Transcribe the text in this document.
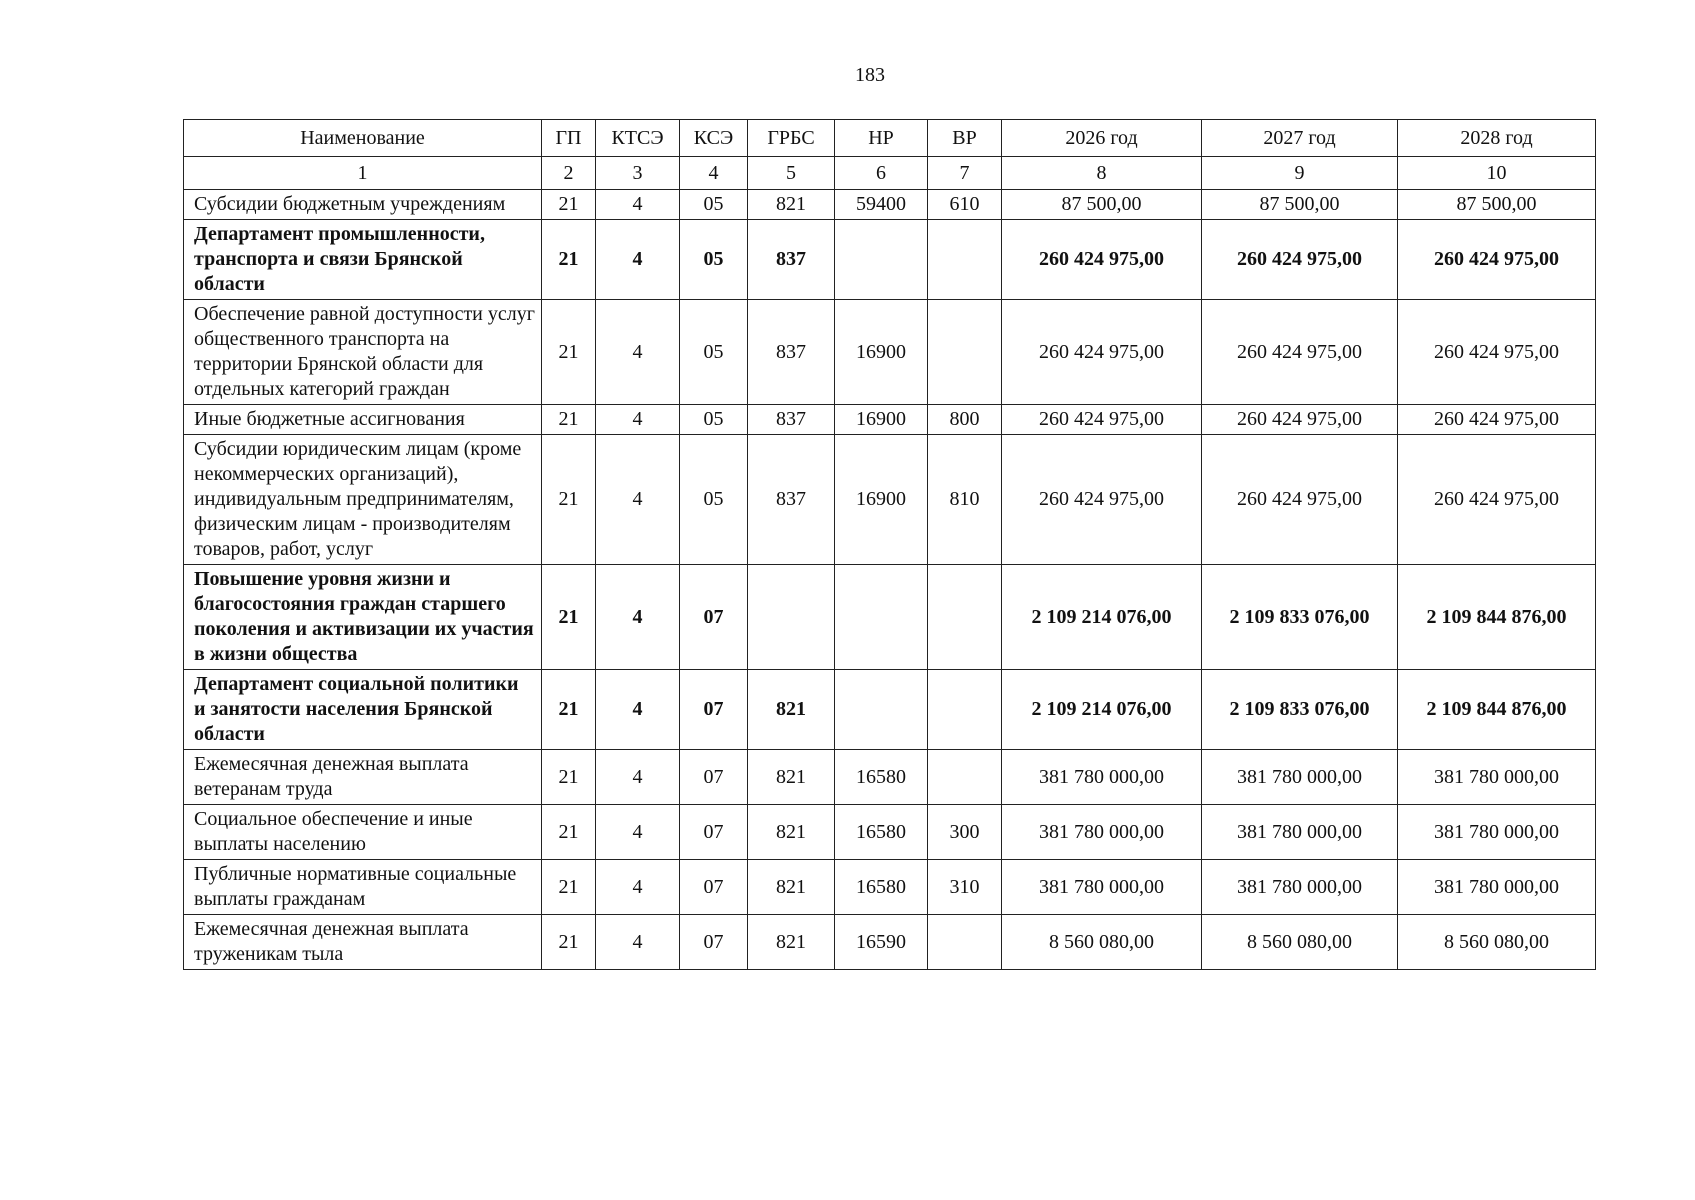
183
Наименование	ГП	КТСЭ	КСЭ	ГРБС	НР	ВР	2026 год	2027 год	2028 год
1	2	3	4	5	6	7	8	9	10
Субсидии бюджетным учреждениям	21	4	05	821	59400	610	87 500,00	87 500,00	87 500,00
Департамент промышленности, транспорта и связи Брянской области	21	4	05	837			260 424 975,00	260 424 975,00	260 424 975,00
Обеспечение равной доступности услуг общественного транспорта на территории Брянской области для отдельных категорий граждан	21	4	05	837	16900		260 424 975,00	260 424 975,00	260 424 975,00
Иные бюджетные ассигнования	21	4	05	837	16900	800	260 424 975,00	260 424 975,00	260 424 975,00
Субсидии юридическим лицам (кроме некоммерческих организаций), индивидуальным предпринимателям, физическим лицам - производителям товаров, работ, услуг	21	4	05	837	16900	810	260 424 975,00	260 424 975,00	260 424 975,00
Повышение уровня жизни и благосостояния граждан старшего поколения и активизации их участия в жизни общества	21	4	07				2 109 214 076,00	2 109 833 076,00	2 109 844 876,00
Департамент социальной политики и занятости населения Брянской области	21	4	07	821			2 109 214 076,00	2 109 833 076,00	2 109 844 876,00
Ежемесячная денежная выплата ветеранам труда	21	4	07	821	16580		381 780 000,00	381 780 000,00	381 780 000,00
Социальное обеспечение и иные выплаты населению	21	4	07	821	16580	300	381 780 000,00	381 780 000,00	381 780 000,00
Публичные нормативные социальные выплаты гражданам	21	4	07	821	16580	310	381 780 000,00	381 780 000,00	381 780 000,00
Ежемесячная денежная выплата труженикам тыла	21	4	07	821	16590		8 560 080,00	8 560 080,00	8 560 080,00
